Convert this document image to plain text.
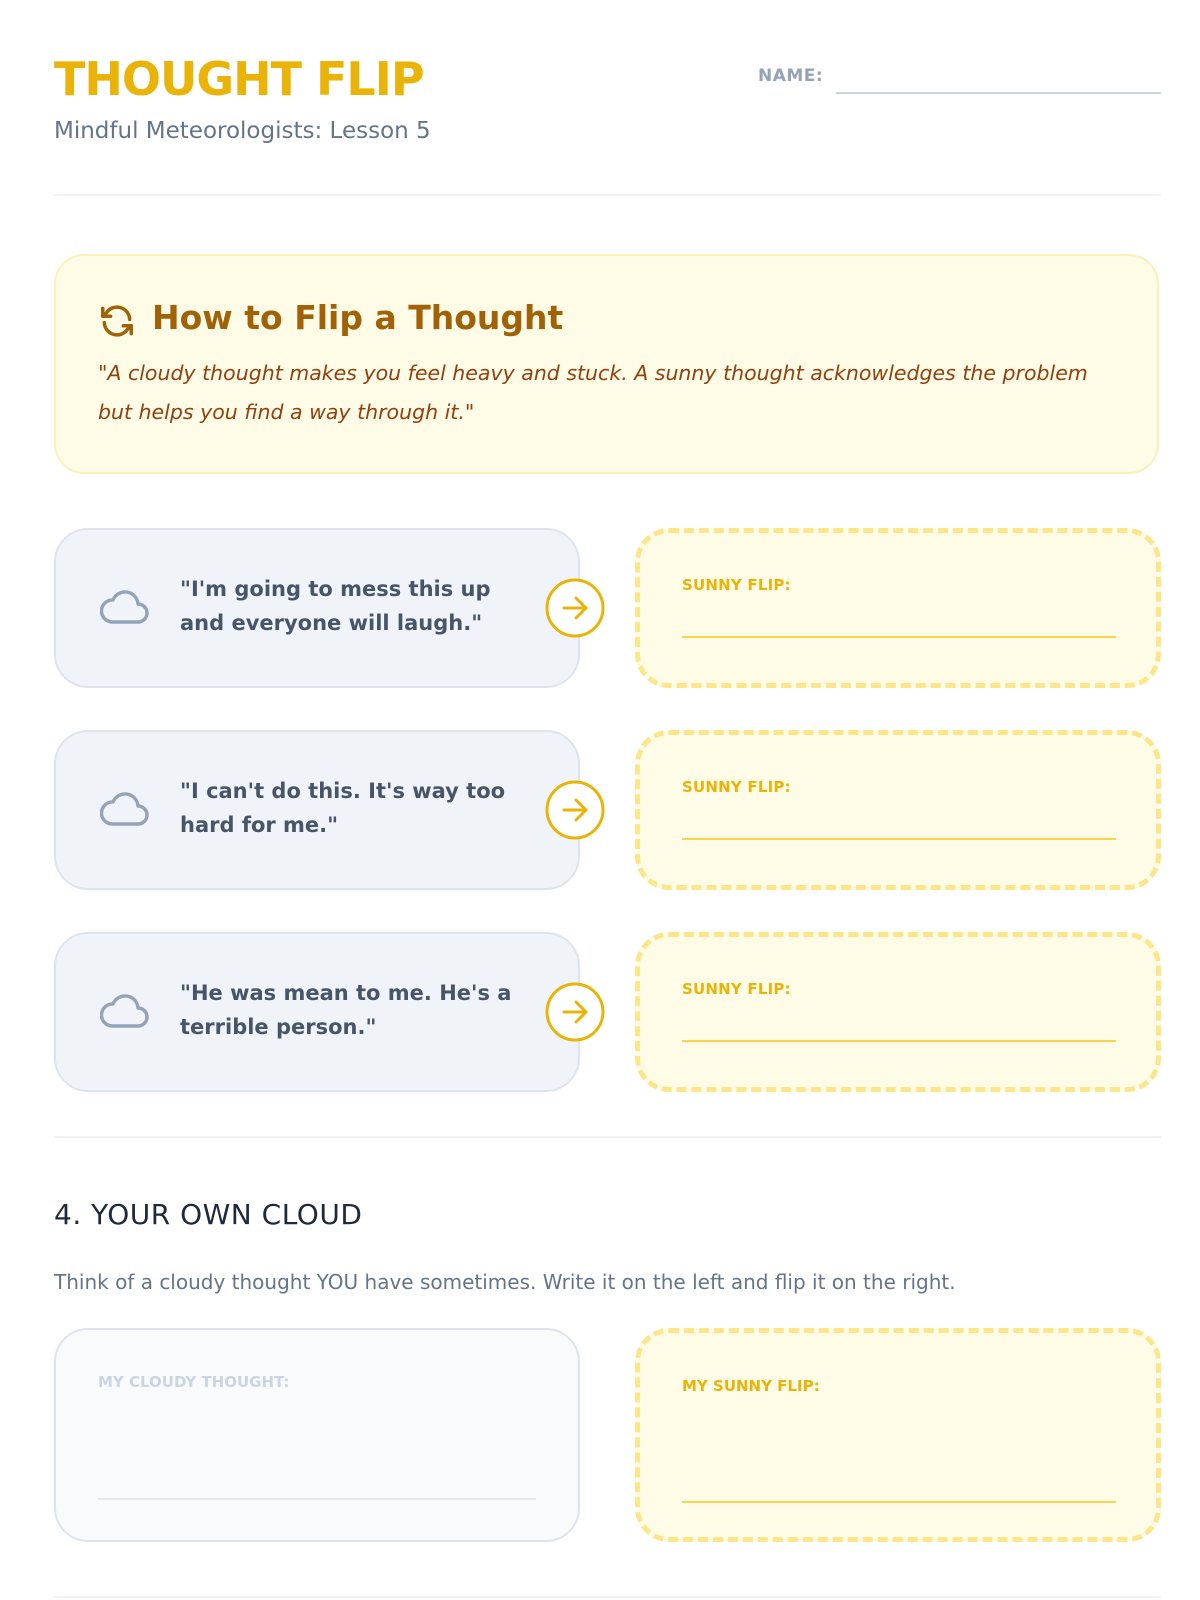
THOUGHT FLIP

Mindful Meteorologists: Lesson 5

NAME:
How to Flip a Thought
"A cloudy thought makes you feel heavy and stuck. A sunny thought acknowledges the problem but helps you find a way through it."
"I'm going to mess this up and everyone will laugh."
SUNNY FLIP:
"I can't do this. It's way too hard for me."
SUNNY FLIP:
"He was mean to me. He's a terrible person."
SUNNY FLIP:
4. YOUR OWN CLOUD

Think of a cloudy thought YOU have sometimes. Write it on the left and flip it on the right.

MY CLOUDY THOUGHT:	MY SUNNY FLIP:
